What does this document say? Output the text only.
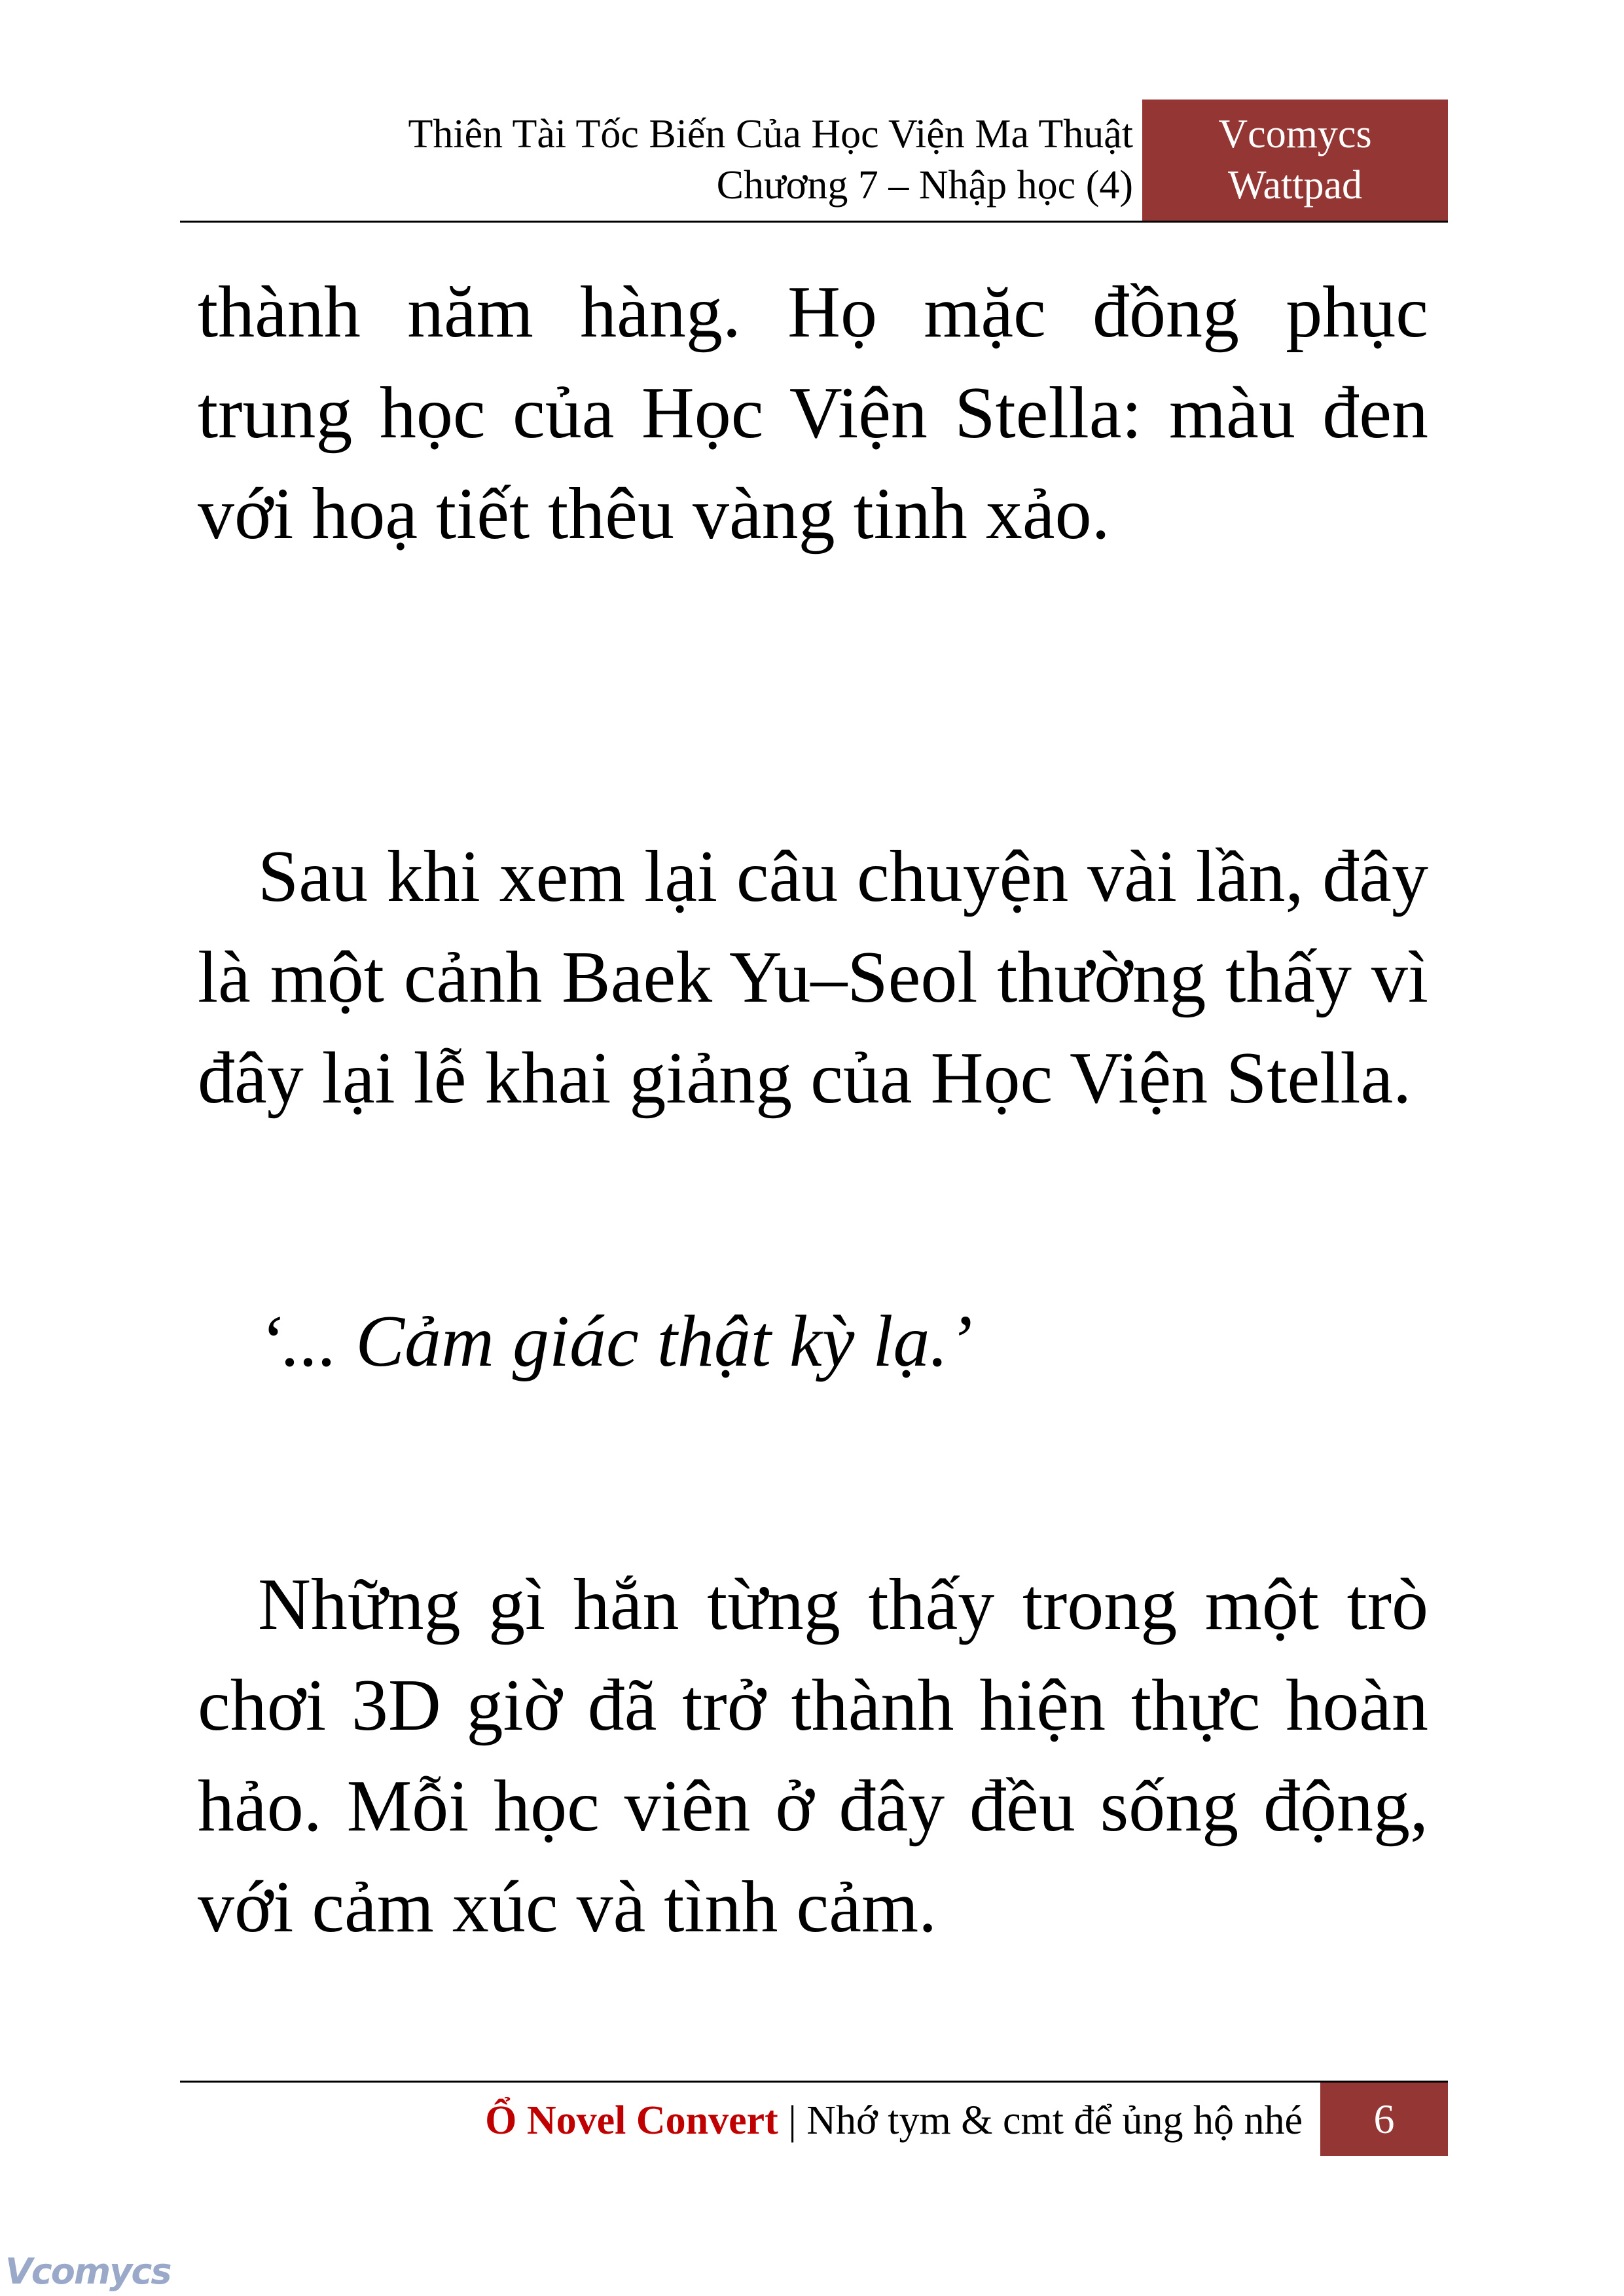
Thiên Tài Tốc Biến Của Học Viện Ma Thuật
Chương 7 – Nhập học (4)
Vcomycs
Wattpad

thành năm hàng. Họ mặc đồng phục trung học của Học Viện Stella: màu đen với hoạ tiết thêu vàng tinh xảo.

Sau khi xem lại câu chuyện vài lần, đây là một cảnh Baek Yu–Seol thường thấy vì đây lại lễ khai giảng của Học Viện Stella.

‘... Cảm giác thật kỳ lạ.’

Những gì hắn từng thấy trong một trò chơi 3D giờ đã trở thành hiện thực hoàn hảo. Mỗi học viên ở đây đều sống động, với cảm xúc và tình cảm.

Ổ Novel Convert | Nhớ tym & cmt để ủng hộ nhé	6
Vcomycs
